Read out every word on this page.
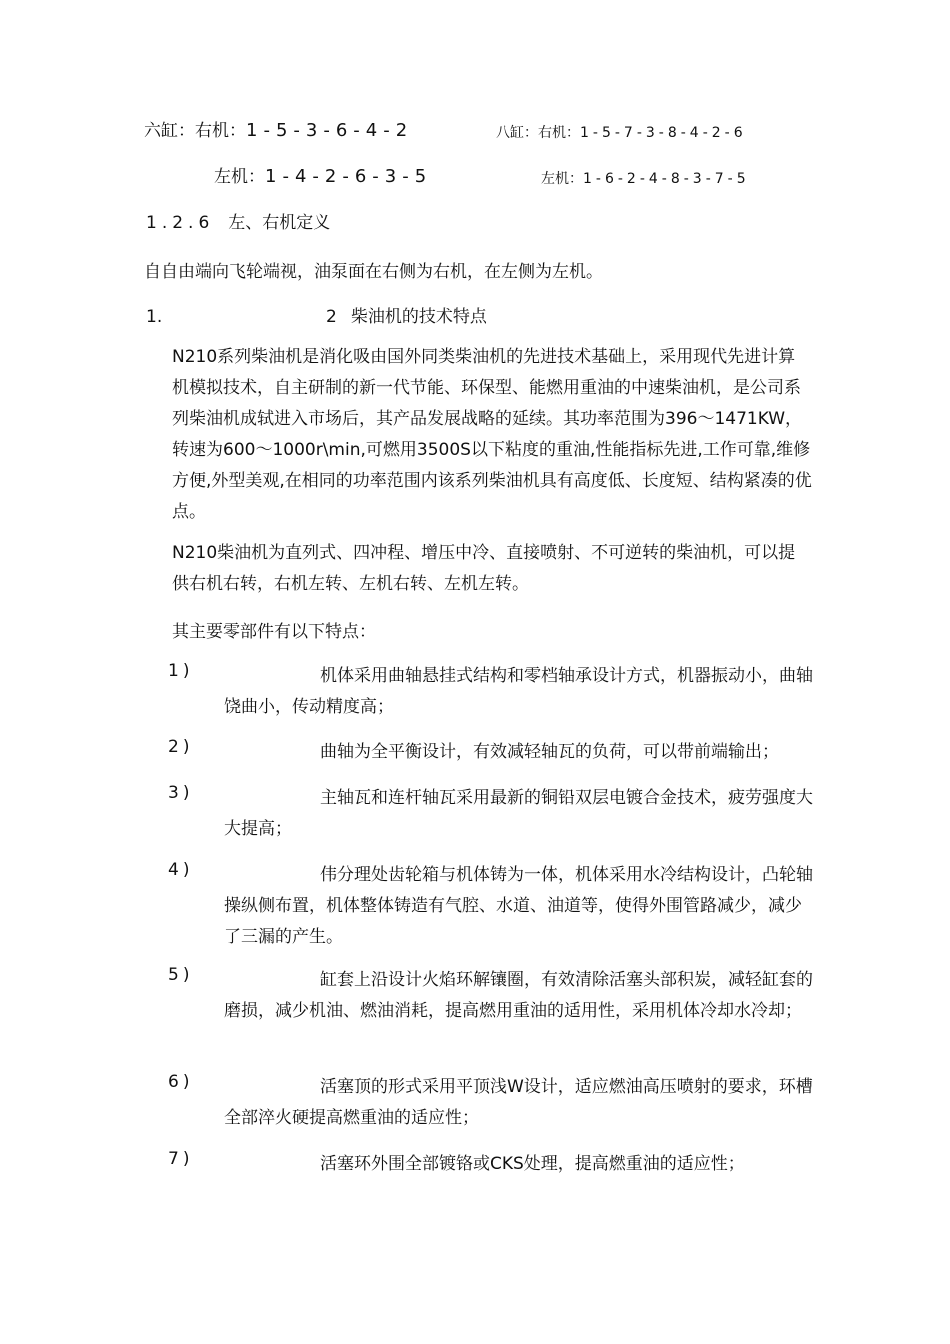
六缸：右机：1-5-3-6-4-2	八缸：右机：1-5-7-3-8-4-2-6
左机：1-4-2-6-3-5	左机：1-6-2-4-8-3-7-5
1.2.6 左、右机定义
自自由端向飞轮端视，油泵面在右侧为右机，在左侧为左机。
1.	2 柴油机的技术特点
N210系列柴油机是消化吸由国外同类柴油机的先进技术基础上，采用现代先进计算机模拟技术，自主研制的新一代节能、环保型、能燃用重油的中速柴油机，是公司系列柴油机成轼进入市场后，其产品发展战略的延续。其功率范围为396～1471KW，转速为600～1000r\min,可燃用3500S以下粘度的重油,性能指标先进,工作可靠,维修方便,外型美观,在相同的功率范围内该系列柴油机具有高度低、长度短、结构紧凑的优点。
N210柴油机为直列式、四冲程、增压中冷、直接喷射、不可逆转的柴油机，可以提供右机右转，右机左转、左机右转、左机左转。
其主要零部件有以下特点：
1)	机体采用曲轴悬挂式结构和零档轴承设计方式，机器振动小，曲轴饶曲小，传动精度高；
2)	曲轴为全平衡设计，有效减轻轴瓦的负荷，可以带前端输出；
3)	主轴瓦和连杆轴瓦采用最新的铜铅双层电镀合金技术，疲劳强度大大提高；
4)	伟分理处齿轮箱与机体铸为一体，机体采用水冷结构设计，凸轮轴操纵侧布置，机体整体铸造有气腔、水道、油道等，使得外围管路减少，减少了三漏的产生。
5)	缸套上沿设计火焰环解镶圈，有效清除活塞头部积炭，减轻缸套的磨损，减少机油、燃油消耗，提高燃用重油的适用性，采用机体冷却水冷却；
6)	活塞顶的形式采用平顶浅W设计，适应燃油高压喷射的要求，环槽全部淬火硬提高燃重油的适应性；
7)	活塞环外围全部镀铬或CKS处理，提高燃重油的适应性；
